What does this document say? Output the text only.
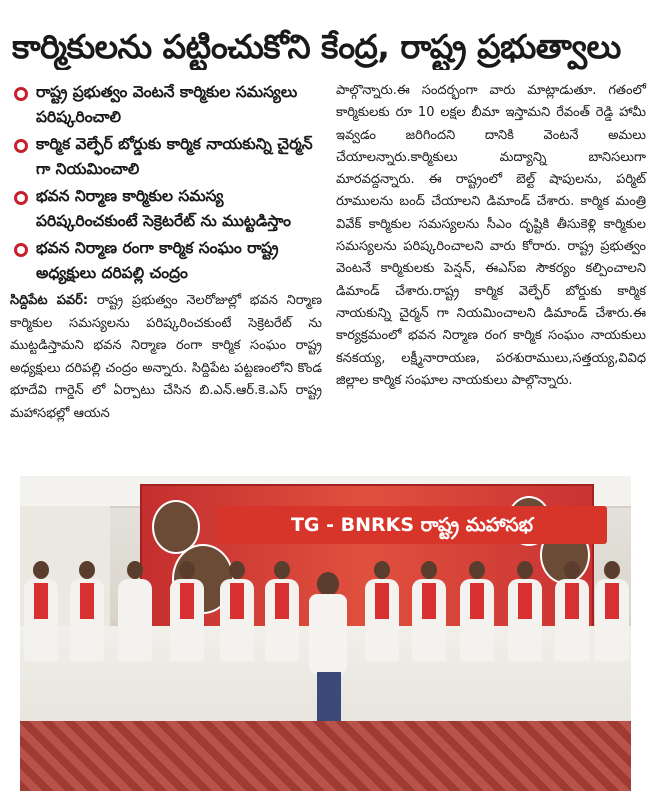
కార్మికులను పట్టించుకోని కేంద్ర, రాష్ట్ర ప్రభుత్వాలు
రాష్ట్ర ప్రభుత్వం వెంటనే కార్మికుల సమస్యలు పరిష్కరించాలి
కార్మిక వెల్ఫేర్ బోర్డుకు కార్మిక నాయకున్ని చైర్మన్ గా నియమించాలి
భవన నిర్మాణ కార్మికుల సమస్య పరిష్కరించకుంటే సెక్రెటరేట్ ను ముట్టడిస్తాం
భవన నిర్మాణ రంగా కార్మిక సంఘం రాష్ట్ర అధ్యక్షులు దరిపల్లి చంద్రం
సిద్దిపేట పవర్: రాష్ట్ర ప్రభుత్వం నెలరోజుల్లో భవన నిర్మాణ కార్మికుల సమస్యలను పరిష్కరించకుంటే సెక్రెటరేట్ ను ముట్టడిస్తామని భవన నిర్మాణ రంగా కార్మిక సంఘం రాష్ట్ర అధ్యక్షులు దరిపల్లి చంద్రం అన్నారు. సిద్దిపేట పట్టణంలోని కొండ భూదేవి గార్డెన్ లో ఏర్పాటు చేసిన బి.ఎన్.ఆర్.కె.ఎస్ రాష్ట్ర మహాసభల్లో ఆయన
పాల్గొన్నారు.ఈ సందర్భంగా వారు మాట్లాడుతూ. గతంలో కార్మికులకు రూ 10 లక్షల బీమా ఇస్తామని రేవంత్ రెడ్డి హామీ ఇవ్వడం జరిగిందని దానికి వెంటనే అమలు చేయాలన్నారు.కార్మికులు మద్యాన్ని బానిసలుగా మారవద్దన్నారు. ఈ రాష్ట్రంలో బెల్ట్ షాపులను, పర్మిట్ రూములను బంద్ చేయాలని డిమాండ్ చేశారు. కార్మిక మంత్రి వివేక్ కార్మికుల సమస్యలను సీఎం దృష్టికి తీసుకెళ్లి కార్మికుల సమస్యలను పరిష్కరించాలని వారు కోరారు. రాష్ట్ర ప్రభుత్వం వెంటనే కార్మికులకు పెన్షన్, ఈఎస్ఐ సౌకర్యం కల్పించాలని డిమాండ్ చేశారు.రాష్ట్ర కార్మిక వెల్ఫేర్ బోర్డుకు కార్మిక నాయకున్ని చైర్మన్ గా నియమించాలని డిమాండ్ చేశారు.ఈ కార్యక్రమంలో భవన నిర్మాణ రంగ కార్మిక సంఘం నాయకులు కనకయ్య, లక్ష్మీనారాయణ, పరశురాములు,సత్తయ్య,వివిధ జిల్లాల కార్మిక సంఘాల నాయకులు పాల్గొన్నారు.
TG - BNRKS రాష్ట్ర మహాసభ
